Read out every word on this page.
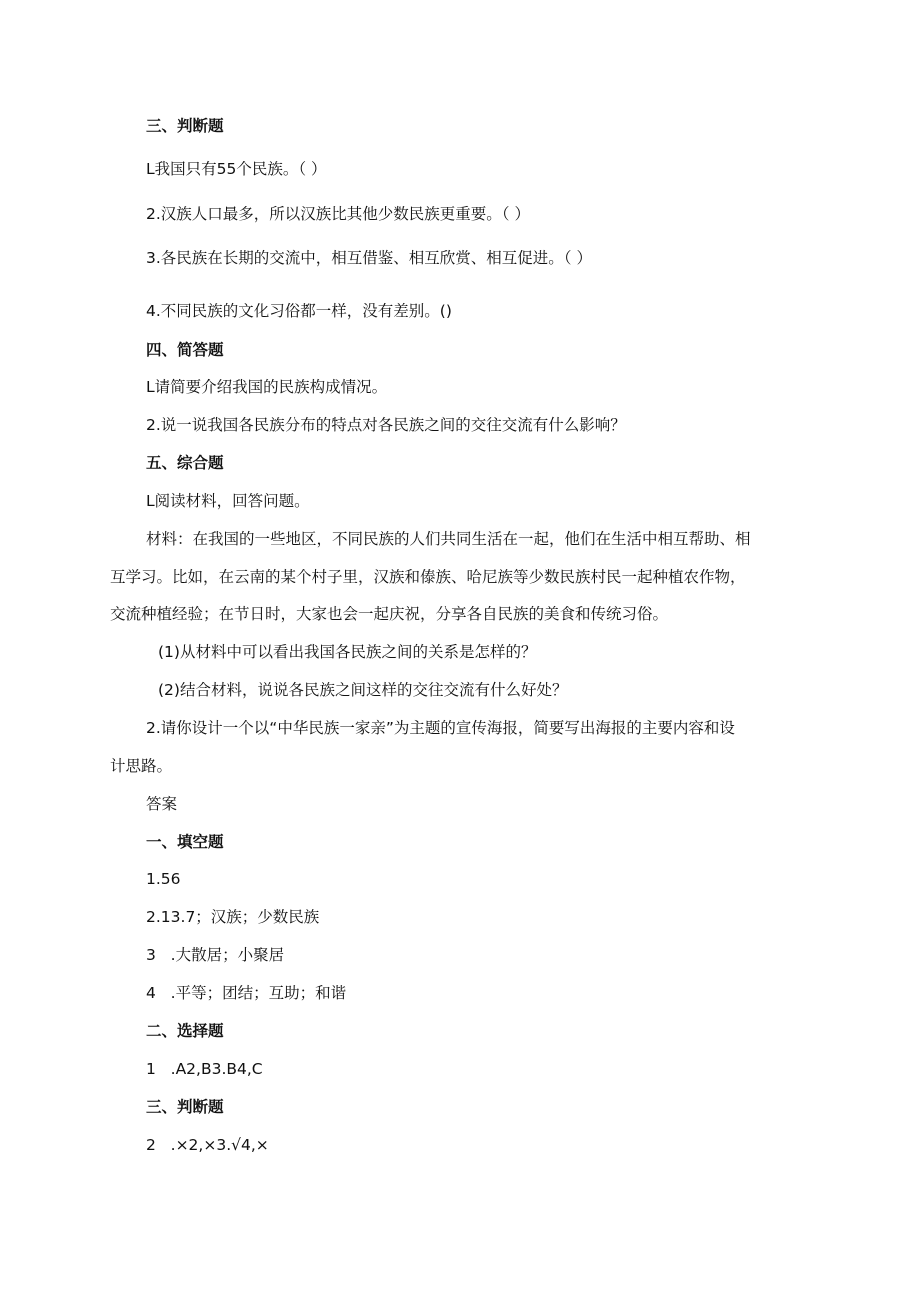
三、判断题
L我国只有55个民族。（ ）
2.汉族人口最多，所以汉族比其他少数民族更重要。（ ）
3.各民族在长期的交流中，相互借鉴、相互欣赏、相互促进。（ ）
4.不同民族的文化习俗都一样，没有差别。()
四、简答题
L请简要介绍我国的民族构成情况。
2.说一说我国各民族分布的特点对各民族之间的交往交流有什么影响？
五、综合题
L阅读材料，回答问题。
材料：在我国的一些地区，不同民族的人们共同生活在一起，他们在生活中相互帮助、相
互学习。比如，在云南的某个村子里，汉族和傣族、哈尼族等少数民族村民一起种植农作物，
交流种植经验；在节日时，大家也会一起庆祝，分享各自民族的美食和传统习俗。
(1)从材料中可以看出我国各民族之间的关系是怎样的？
(2)结合材料，说说各民族之间这样的交往交流有什么好处？
2.请你设计一个以“中华民族一家亲”为主题的宣传海报，简要写出海报的主要内容和设
计思路。
答案
一、填空题
1.56
2.13.7；汉族；少数民族
3   .大散居；小聚居
4   .平等；团结；互助；和谐
二、选择题
1   .A2,B3.B4,C
三、判断题
2   .×2,×3.√4,×
